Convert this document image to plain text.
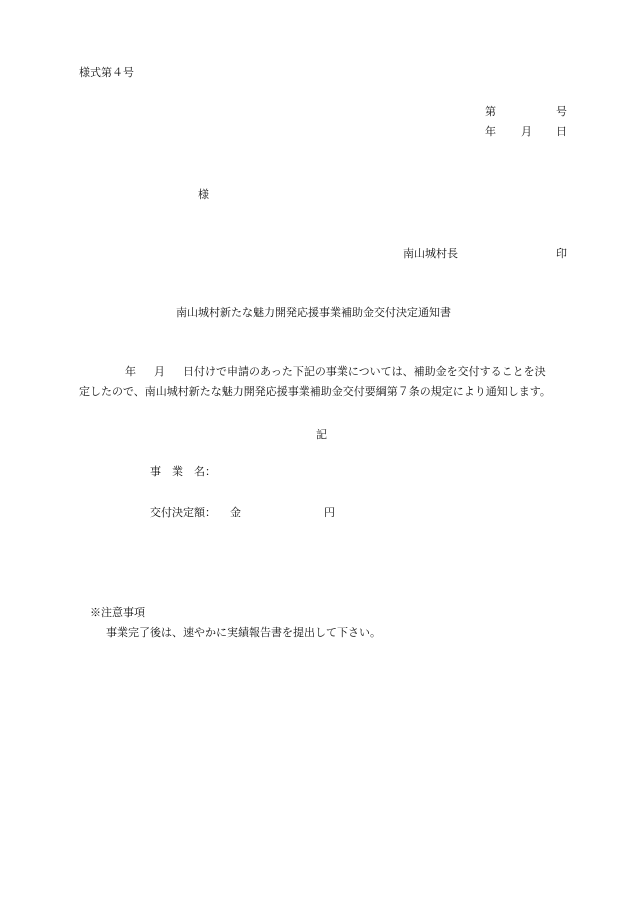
様式第４号
第	号
年 月 日
様
南山城村長	印
南山城村新たな魅力開発応援事業補助金交付決定通知書
年 月 日付けで申請のあった下記の事業については、補助金を交付することを決
定したので、南山城村新たな魅力開発応援事業補助金交付要綱第７条の規定により通知します。
記
事　業　名：
交付決定額： 金	円
※注意事項
事業完了後は、速やかに実績報告書を提出して下さい。
